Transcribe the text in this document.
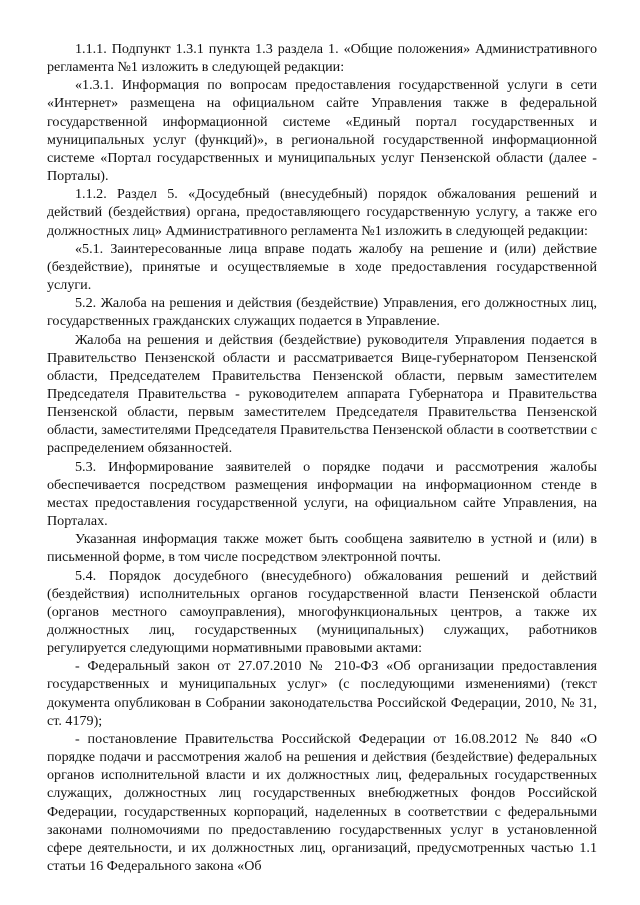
1.1.1. Подпункт 1.3.1 пункта 1.3 раздела 1. «Общие положения» Административного регламента №1 изложить в следующей редакции:

«1.3.1. Информация по вопросам предоставления государственной услуги в сети «Интернет» размещена на официальном сайте Управления также в федеральной государственной информационной системе «Единый портал государственных и муниципальных услуг (функций)», в региональной государственной информационной системе «Портал государственных и муниципальных услуг Пензенской области (далее - Порталы).

1.1.2. Раздел 5. «Досудебный (внесудебный) порядок обжалования решений и действий (бездействия) органа, предоставляющего государственную услугу, а также его должностных лиц» Административного регламента №1 изложить в следующей редакции:

«5.1. Заинтересованные лица вправе подать жалобу на решение и (или) действие (бездействие), принятые и осуществляемые в ходе предоставления государственной услуги.

5.2. Жалоба на решения и действия (бездействие) Управления, его должностных лиц, государственных гражданских служащих подается в Управление.

Жалоба на решения и действия (бездействие) руководителя Управления подается в Правительство Пензенской области и рассматривается Вице-губернатором Пензенской области, Председателем Правительства Пензенской области, первым заместителем Председателя Правительства - руководителем аппарата Губернатора и Правительства Пензенской области, первым заместителем Председателя Правительства Пензенской области, заместителями Председателя Правительства Пензенской области в соответствии с распределением обязанностей.

5.3. Информирование заявителей о порядке подачи и рассмотрения жалобы обеспечивается посредством размещения информации на информационном стенде в местах предоставления государственной услуги, на официальном сайте Управления, на Порталах.

Указанная информация также может быть сообщена заявителю в устной и (или) в письменной форме, в том числе посредством электронной почты.

5.4. Порядок досудебного (внесудебного) обжалования решений и действий (бездействия) исполнительных органов государственной власти Пензенской области (органов местного самоуправления), многофункциональных центров, а также их должностных лиц, государственных (муниципальных) служащих, работников регулируется следующими нормативными правовыми актами:

- Федеральный закон от 27.07.2010 № 210-ФЗ «Об организации предоставления государственных и муниципальных услуг» (с последующими изменениями) (текст документа опубликован в Собрании законодательства Российской Федерации, 2010, № 31, ст. 4179);

- постановление Правительства Российской Федерации от 16.08.2012 № 840 «О порядке подачи и рассмотрения жалоб на решения и действия (бездействие) федеральных органов исполнительной власти и их должностных лиц, федеральных государственных служащих, должностных лиц государственных внебюджетных фондов Российской Федерации, государственных корпораций, наделенных в соответствии с федеральными законами полномочиями по предоставлению государственных услуг в установленной сфере деятельности, и их должностных лиц, организаций, предусмотренных частью 1.1 статьи 16 Федерального закона «Об
